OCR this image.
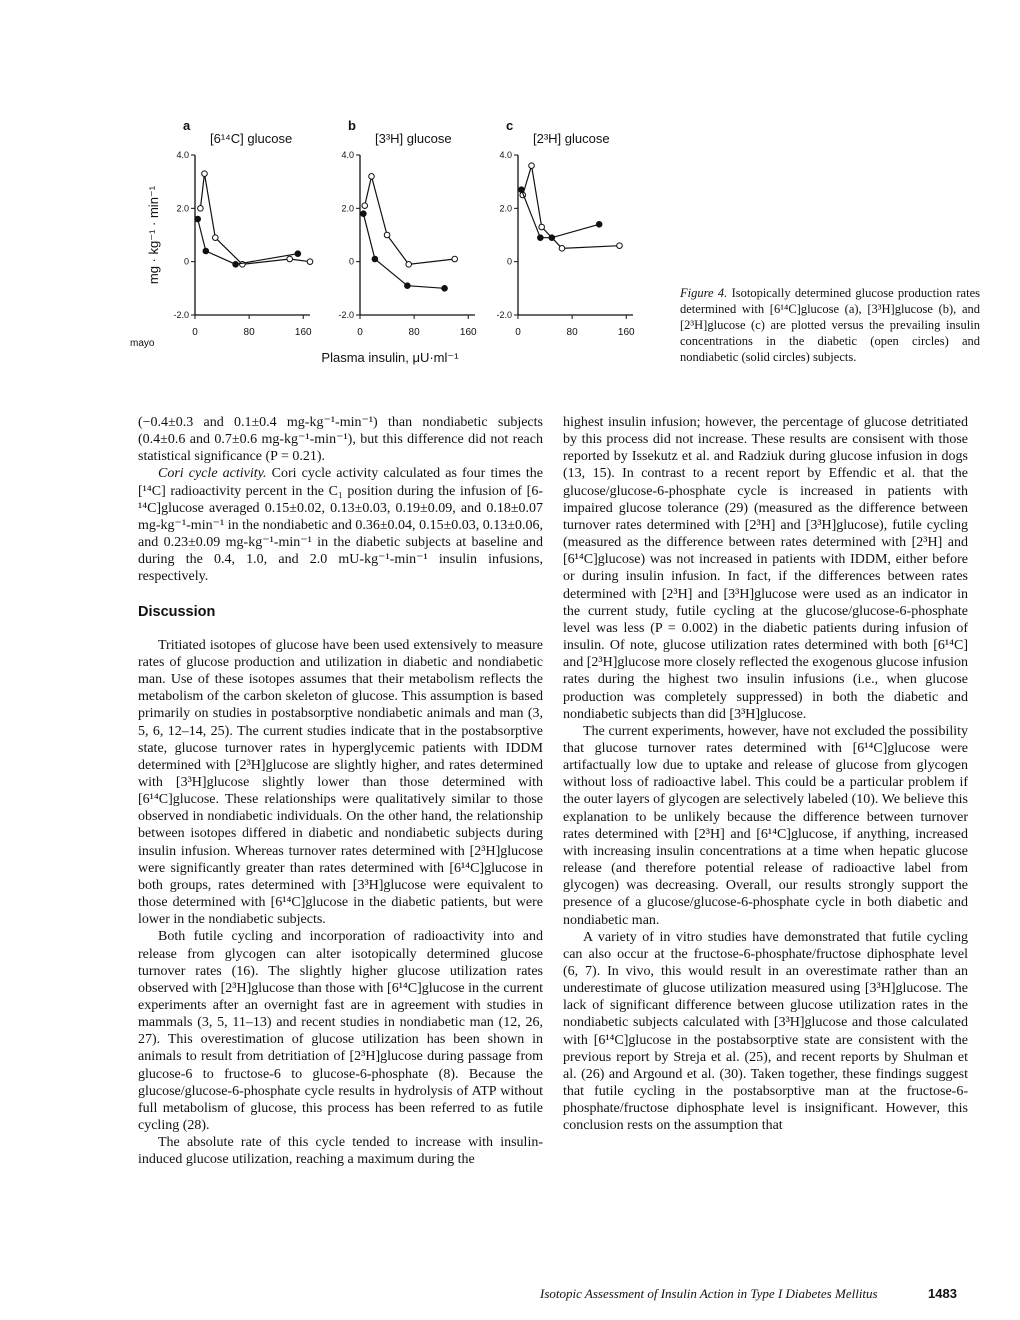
a
[6¹⁴C] glucose
4.0
2.0
0
-2.0
0	80	160
b
[3³H] glucose
4.0
2.0
0
-2.0
0	80	160
c
[2³H] glucose
4.0
2.0
0
-2.0
0	80	160
mg · kg⁻¹ · min⁻¹
Plasma insulin, μU·ml⁻¹
mayo
Figure 4. Isotopically determined glucose production rates determined with [6¹⁴C]glucose (a), [3³H]glucose (b), and [2³H]glucose (c) are plotted versus the prevailing insulin concentrations in the diabetic (open circles) and nondiabetic (solid circles) subjects.

(−0.4±0.3 and 0.1±0.4 mg-kg⁻¹-min⁻¹) than nondiabetic subjects (0.4±0.6 and 0.7±0.6 mg-kg⁻¹-min⁻¹), but this difference did not reach statistical significance (P = 0.21).

Cori cycle activity. Cori cycle activity calculated as four times the [¹⁴C] radioactivity percent in the C₁ position during the infusion of [6-¹⁴C]glucose averaged 0.15±0.02, 0.13±0.03, 0.19±0.09, and 0.18±0.07 mg-kg⁻¹-min⁻¹ in the nondiabetic and 0.36±0.04, 0.15±0.03, 0.13±0.06, and 0.23±0.09 mg-kg⁻¹-min⁻¹ in the diabetic subjects at baseline and during the 0.4, 1.0, and 2.0 mU-kg⁻¹-min⁻¹ insulin infusions, respectively.

Discussion

Tritiated isotopes of glucose have been used extensively to measure rates of glucose production and utilization in diabetic and nondiabetic man. Use of these isotopes assumes that their metabolism reflects the metabolism of the carbon skeleton of glucose. This assumption is based primarily on studies in postabsorptive nondiabetic animals and man (3, 5, 6, 12–14, 25). The current studies indicate that in the postabsorptive state, glucose turnover rates in hyperglycemic patients with IDDM determined with [2³H]glucose are slightly higher, and rates determined with [3³H]glucose slightly lower than those determined with [6¹⁴C]glucose. These relationships were qualitatively similar to those observed in nondiabetic individuals. On the other hand, the relationship between isotopes differed in diabetic and nondiabetic subjects during insulin infusion. Whereas turnover rates determined with [2³H]glucose were significantly greater than rates determined with [6¹⁴C]glucose in both groups, rates determined with [3³H]glucose were equivalent to those determined with [6¹⁴C]glucose in the diabetic patients, but were lower in the nondiabetic subjects.

Both futile cycling and incorporation of radioactivity into and release from glycogen can alter isotopically determined glucose turnover rates (16). The slightly higher glucose utilization rates observed with [2³H]glucose than those with [6¹⁴C]glucose in the current experiments after an overnight fast are in agreement with studies in mammals (3, 5, 11–13) and recent studies in nondiabetic man (12, 26, 27). This overestimation of glucose utilization has been shown in animals to result from detritiation of [2³H]glucose during passage from glucose-6 to fructose-6 to glucose-6-phosphate (8). Because the glucose/glucose-6-phosphate cycle results in hydrolysis of ATP without full metabolism of glucose, this process has been referred to as futile cycling (28).

The absolute rate of this cycle tended to increase with insulin-induced glucose utilization, reaching a maximum during the

highest insulin infusion; however, the percentage of glucose detritiated by this process did not increase. These results are consisent with those reported by Issekutz et al. and Radziuk during glucose infusion in dogs (13, 15). In contrast to a recent report by Effendic et al. that the glucose/glucose-6-phosphate cycle is increased in patients with impaired glucose tolerance (29) (measured as the difference between turnover rates determined with [2³H] and [3³H]glucose), futile cycling (measured as the difference between rates determined with [2³H] and [6¹⁴C]glucose) was not increased in patients with IDDM, either before or during insulin infusion. In fact, if the differences between rates determined with [2³H] and [3³H]glucose were used as an indicator in the current study, futile cycling at the glucose/glucose-6-phosphate level was less (P = 0.002) in the diabetic patients during infusion of insulin. Of note, glucose utilization rates determined with both [6¹⁴C] and [2³H]glucose more closely reflected the exogenous glucose infusion rates during the highest two insulin infusions (i.e., when glucose production was completely suppressed) in both the diabetic and nondiabetic subjects than did [3³H]glucose.

The current experiments, however, have not excluded the possibility that glucose turnover rates determined with [6¹⁴C]glucose were artifactually low due to uptake and release of glucose from glycogen without loss of radioactive label. This could be a particular problem if the outer layers of glycogen are selectively labeled (10). We believe this explanation to be unlikely because the difference between turnover rates determined with [2³H] and [6¹⁴C]glucose, if anything, increased with increasing insulin concentrations at a time when hepatic glucose release (and therefore potential release of radioactive label from glycogen) was decreasing. Overall, our results strongly support the presence of a glucose/glucose-6-phosphate cycle in both diabetic and nondiabetic man.

A variety of in vitro studies have demonstrated that futile cycling can also occur at the fructose-6-phosphate/fructose diphosphate level (6, 7). In vivo, this would result in an overestimate rather than an underestimate of glucose utilization measured using [3³H]glucose. The lack of significant difference between glucose utilization rates in the nondiabetic subjects calculated with [3³H]glucose and those calculated with [6¹⁴C]glucose in the postabsorptive state are consistent with the previous report by Streja et al. (25), and recent reports by Shulman et al. (26) and Argound et al. (30). Taken together, these findings suggest that futile cycling in the postabsorptive man at the fructose-6-phosphate/fructose diphosphate level is insignificant. However, this conclusion rests on the assumption that

Isotopic Assessment of Insulin Action in Type I Diabetes Mellitus	1483
